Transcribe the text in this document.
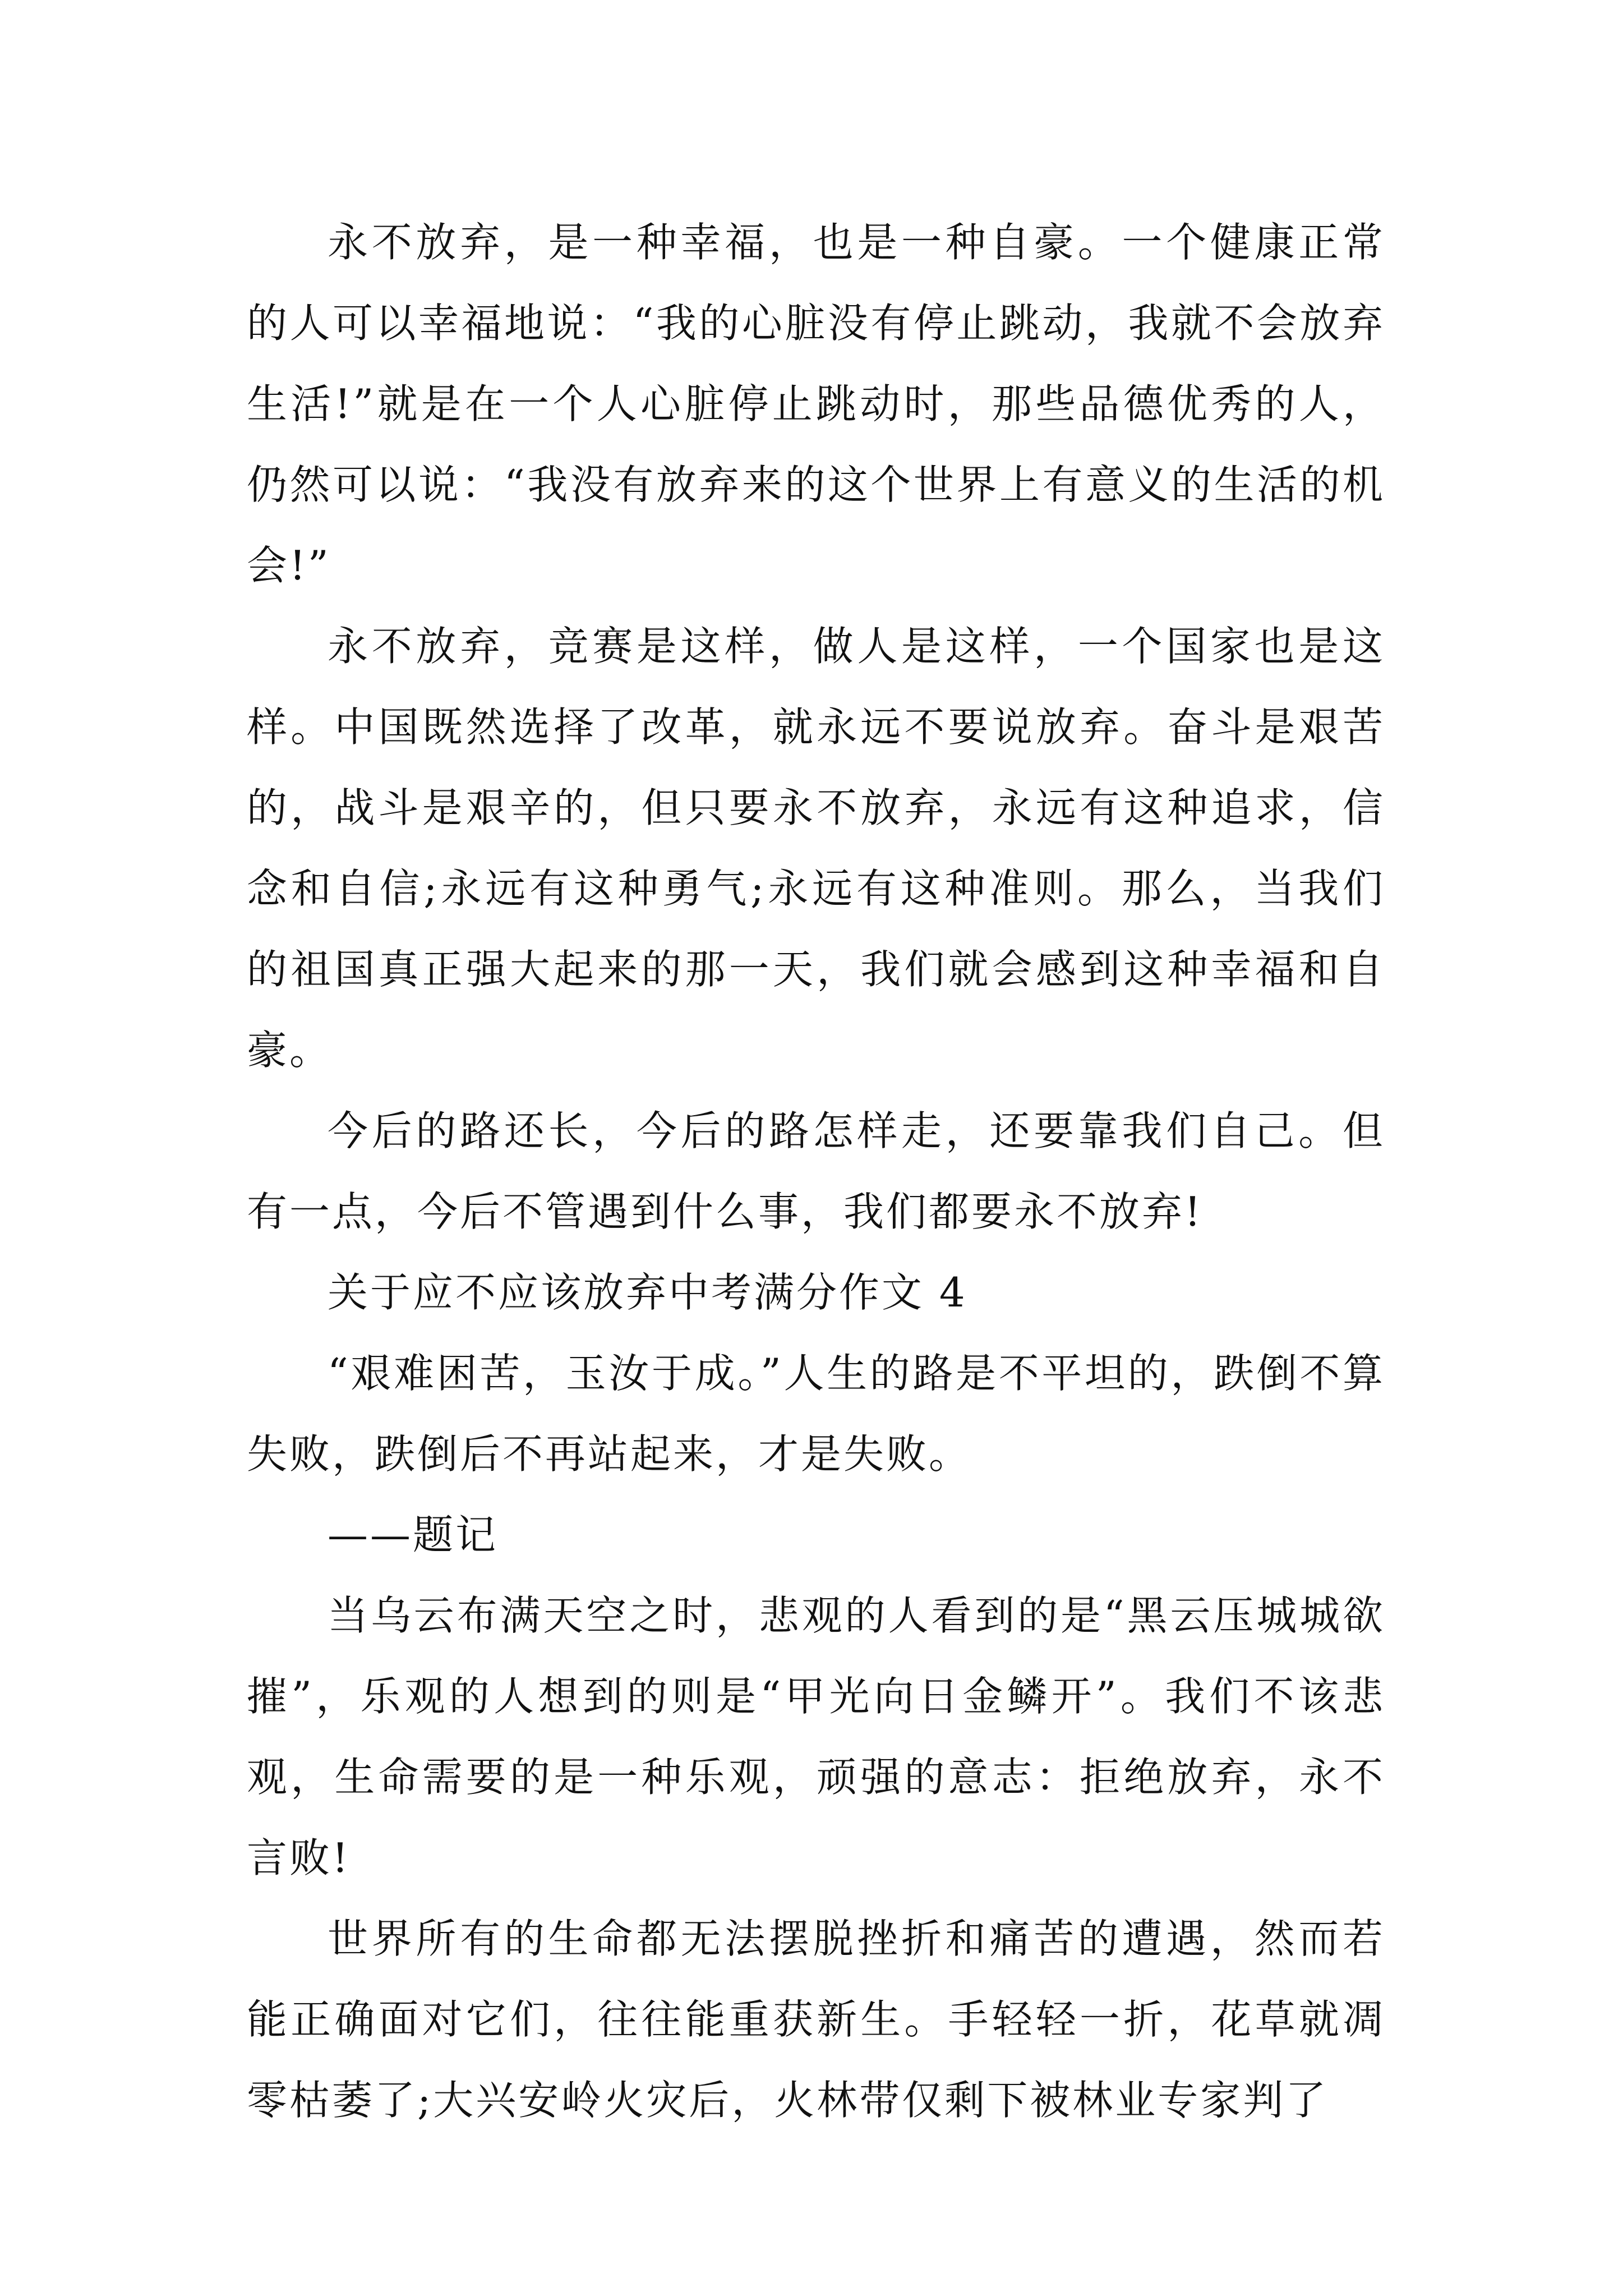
永不放弃，是一种幸福，也是一种自豪。一个健康正常的人可以幸福地说：“我的心脏没有停止跳动，我就不会放弃生活!”就是在一个人心脏停止跳动时，那些品德优秀的人，仍然可以说：“我没有放弃来的这个世界上有意义的生活的机会!”

永不放弃，竞赛是这样，做人是这样，一个国家也是这样。中国既然选择了改革，就永远不要说放弃。奋斗是艰苦的，战斗是艰辛的，但只要永不放弃，永远有这种追求，信念和自信;永远有这种勇气;永远有这种准则。那么，当我们的祖国真正强大起来的那一天，我们就会感到这种幸福和自豪。

今后的路还长，今后的路怎样走，还要靠我们自己。但有一点，今后不管遇到什么事，我们都要永不放弃!

关于应不应该放弃中考满分作文 4

“艰难困苦，玉汝于成。”人生的路是不平坦的，跌倒不算失败，跌倒后不再站起来，才是失败。

——题记

当乌云布满天空之时，悲观的人看到的是“黑云压城城欲摧”，乐观的人想到的则是“甲光向日金鳞开”。我们不该悲观，生命需要的是一种乐观，顽强的意志：拒绝放弃，永不言败!

世界所有的生命都无法摆脱挫折和痛苦的遭遇，然而若能正确面对它们，往往能重获新生。手轻轻一折，花草就凋零枯萎了;大兴安岭火灾后，火林带仅剩下被林业专家判了
